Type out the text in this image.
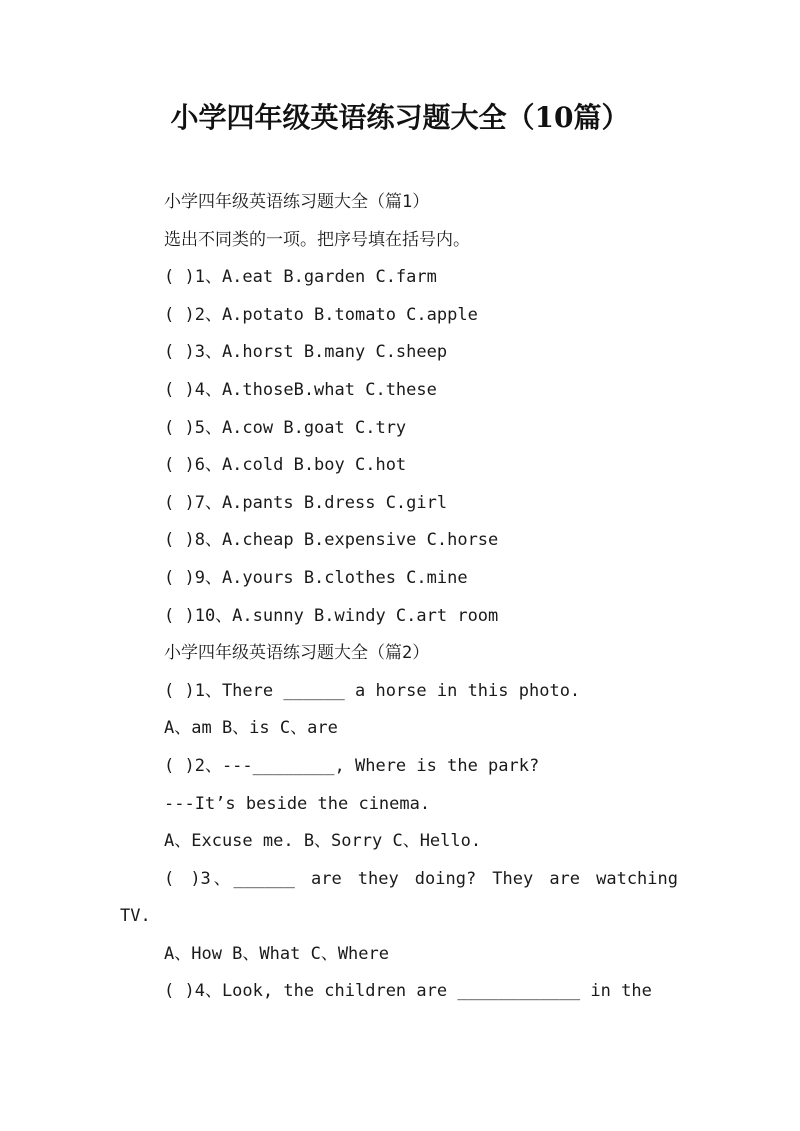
小学四年级英语练习题大全（10篇）

小学四年级英语练习题大全（篇1）

选出不同类的一项。把序号填在括号内。

( )1、A.eat B.garden C.farm

( )2、A.potato B.tomato C.apple

( )3、A.horst B.many C.sheep

( )4、A.thoseB.what C.these

( )5、A.cow B.goat C.try

( )6、A.cold B.boy C.hot

( )7、A.pants B.dress C.girl

( )8、A.cheap B.expensive C.horse

( )9、A.yours B.clothes C.mine

( )10、A.sunny B.windy C.art room

小学四年级英语练习题大全（篇2）

( )1、There ______ a horse in this photo.

A、am B、is C、are

( )2、---________, Where is the park?

---It’s beside the cinema.

A、Excuse me. B、Sorry C、Hello.

( )3、______ are they doing? They are watching TV.

A、How B、What C、Where

( )4、Look, the children are ____________ in the
